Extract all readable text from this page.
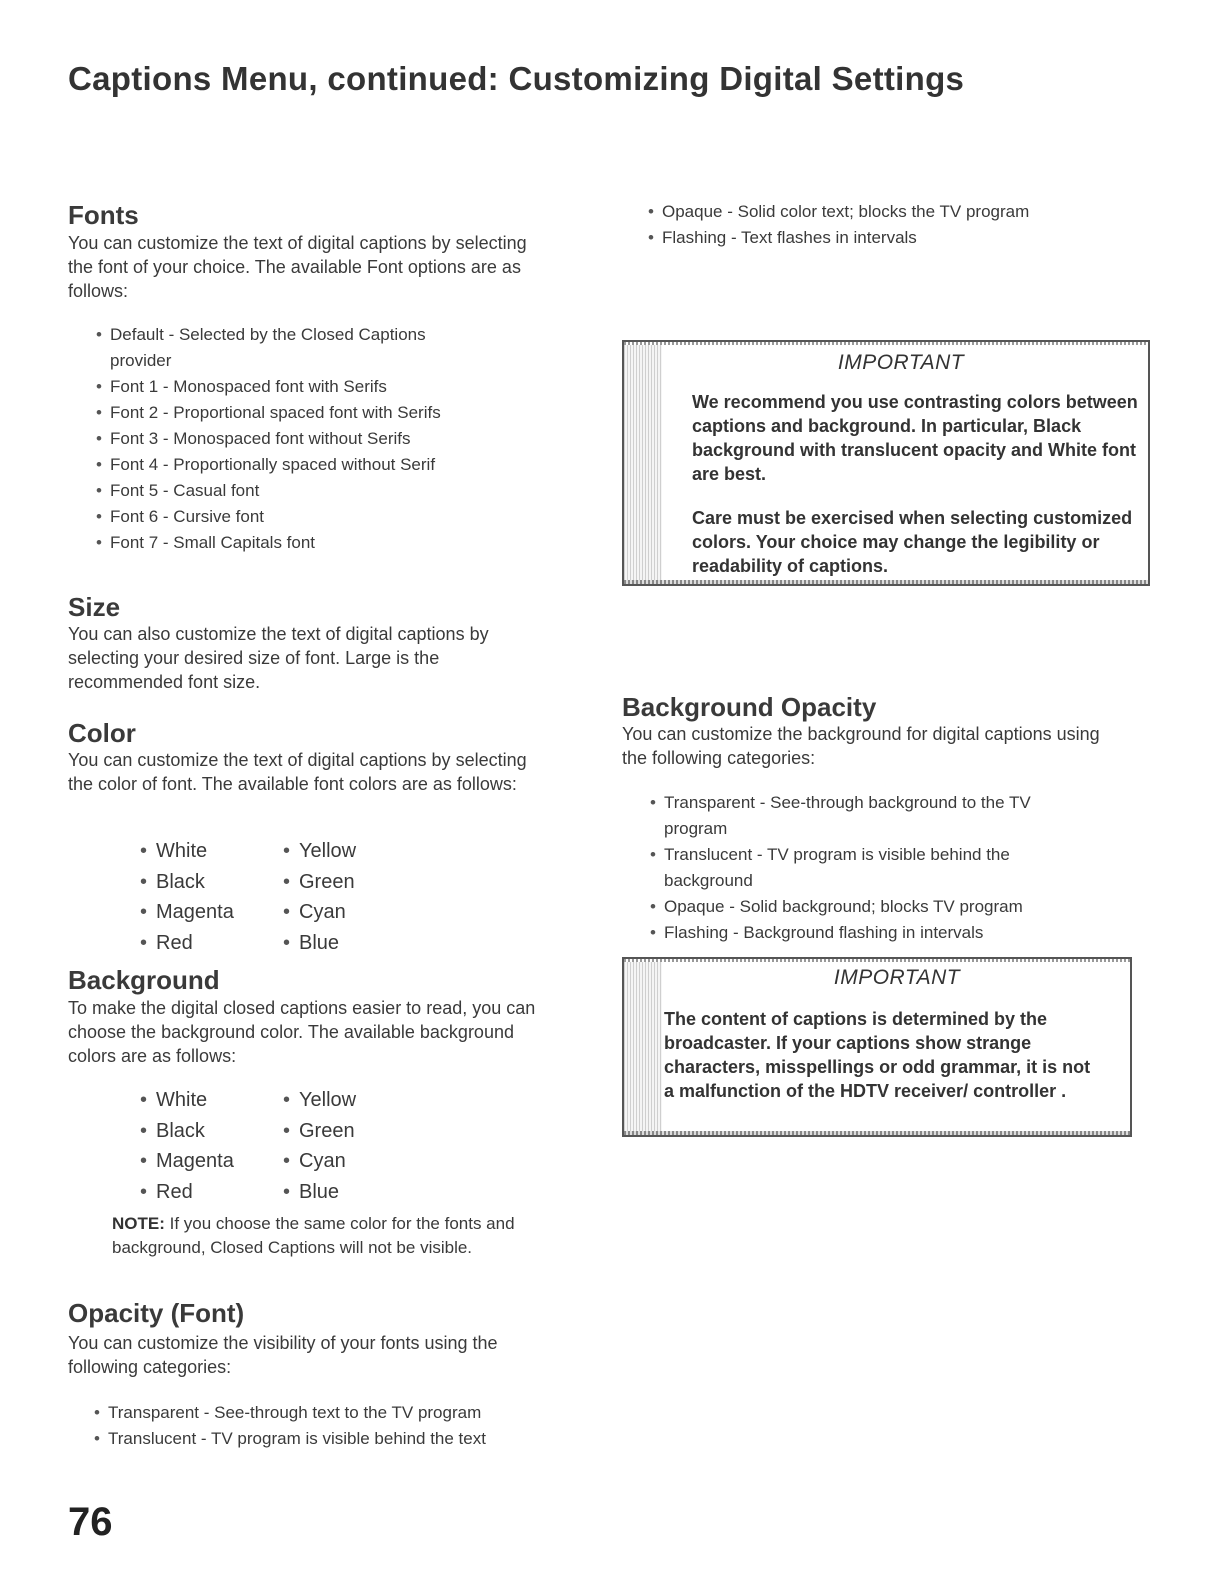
Captions Menu, continued: Customizing Digital Settings
Fonts

You can customize the text of digital captions by selecting the font of your choice. The available Font options are as follows:

• Default - Selected by the Closed Captions provider
• Font 1 - Monospaced font with Serifs
• Font 2 - Proportional spaced font with Serifs
• Font 3 - Monospaced font without Serifs
• Font 4 - Proportionally spaced without Serif
• Font 5 - Casual font
• Font 6 - Cursive font
• Font 7 - Small Capitals font
Size

You can also customize the text of digital captions by selecting your desired size of font. Large is the recommended font size.

Color

You can customize the text of digital captions by selecting the color of font. The available font colors are as follows:

• White	• Yellow
• Black	• Green
• Magenta	• Cyan
• Red	• Blue
Background

To make the digital closed captions easier to read, you can choose the background color. The available background colors are as follows:

• White	• Yellow
• Black	• Green
• Magenta	• Cyan
• Red	• Blue

NOTE: If you choose the same color for the fonts and background, Closed Captions will not be visible.

Opacity (Font)

You can customize the visibility of your fonts using the following categories:

• Transparent - See-through text to the TV program
• Translucent - TV program is visible behind the text
• Opaque - Solid color text; blocks the TV program
• Flashing - Text flashes in intervals

IMPORTANT

We recommend you use contrasting colors between captions and background. In particular, Black background with translucent opacity and White font are best.

Care must be exercised when selecting customized colors. Your choice may change the legibility or readability of captions.

Background Opacity

You can customize the background for digital captions using the following categories:

• Transparent - See-through background to the TV program
• Translucent - TV program is visible behind the background
• Opaque - Solid background; blocks TV program
• Flashing - Background flashing in intervals

IMPORTANT

The content of captions is determined by the broadcaster. If your captions show strange characters, misspellings or odd grammar, it is not a malfunction of the HDTV receiver/ controller .

76
